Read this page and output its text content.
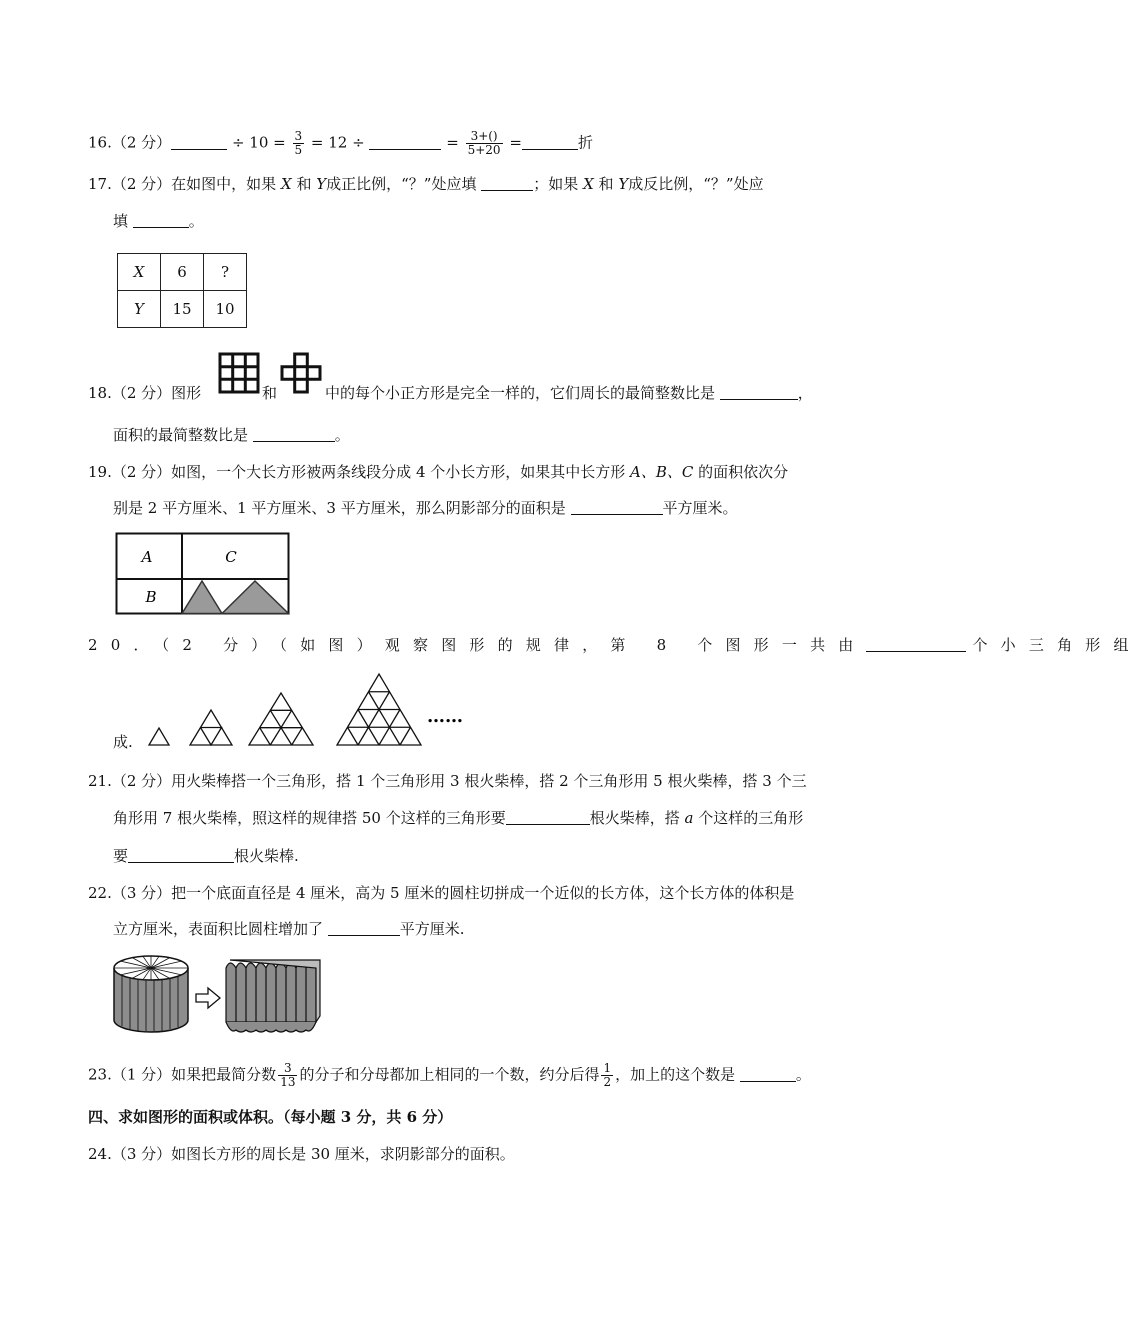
16.（2 分）	÷ $10 = \frac{3}{5} = 12$ ÷	= $\frac{3+()}{5+20}$ =	折
17.（2 分）在如图中，如果 X 和 Y成正比例，“？”处应填	；如果 X 和 Y成反比例，“？”处应
填	。
X	6	?
Y	15	10
18.（2 分）图形	和	中的每个小正方形是完全一样的，它们周长的最简整数比是	，
面积的最简整数比是	。
19.（2 分）如图，一个大长方形被两条线段分成 4 个小长方形，如果其中长方形 A、B、C 的面积依次分
别是 2 平方厘米、1 平方厘米、3 平方厘米，那么阴影部分的面积是	平方厘米。
A	C
B
20．（2 分）（如图）观察图形的规律，第 8 个图形一共由	个小三角形组
成.
……
21.（2 分）用火柴棒搭一个三角形，搭 1 个三角形用 3 根火柴棒，搭 2 个三角形用 5 根火柴棒，搭 3 个三
角形用 7 根火柴棒，照这样的规律搭 50 个这样的三角形要	根火柴棒，搭 a 个这样的三角形
要	根火柴棒.
22.（3 分）把一个底面直径是 4 厘米，高为 5 厘米的圆柱切拼成一个近似的长方体，这个长方体的体积是
立方厘米，表面积比圆柱增加了	平方厘米.
23.（1 分）如果把最简分数 $\frac{3}{13}$ 的分子和分母都加上相同的一个数，约分后得 $\frac{1}{2}$ ，加上的这个数是	。
四、求如图形的面积或体积。（每小题 3 分，共 6 分）
24.（3 分）如图长方形的周长是 30 厘米，求阴影部分的面积。
